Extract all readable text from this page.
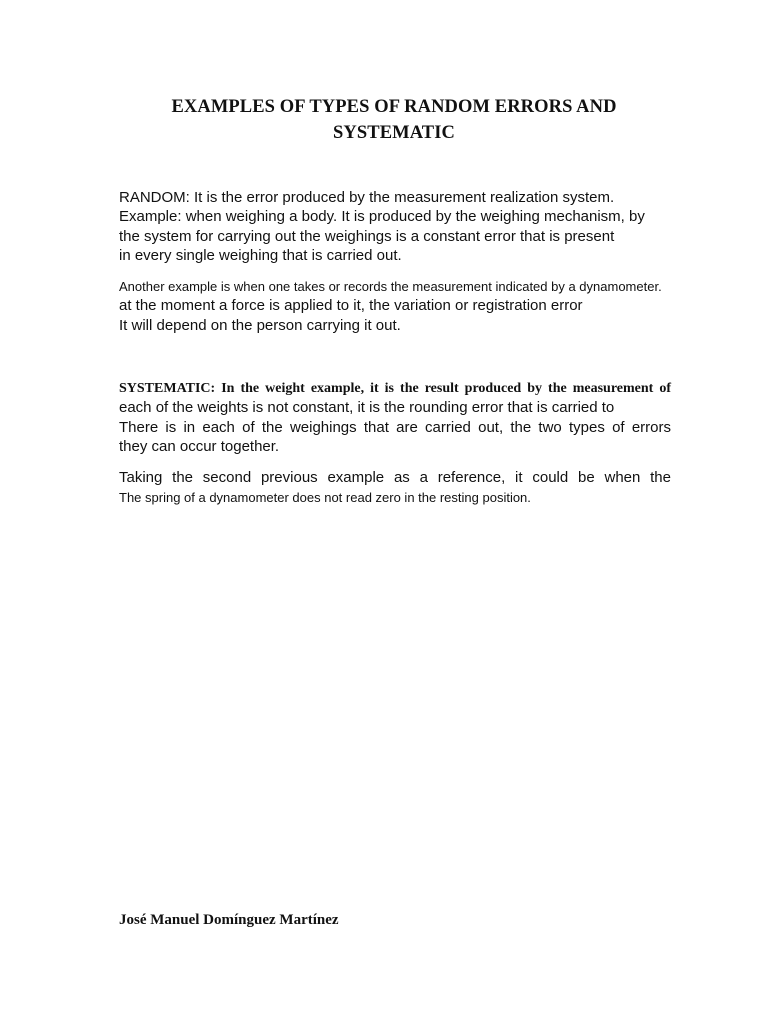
EXAMPLES OF TYPES OF RANDOM ERRORS AND
SYSTEMATIC

RANDOM: It is the error produced by the measurement realization system.

Example: when weighing a body. It is produced by the weighing mechanism, by

the system for carrying out the weighings is a constant error that is present

in every single weighing that is carried out.

Another example is when one takes or records the measurement indicated by a dynamometer.

at the moment a force is applied to it, the variation or registration error

It will depend on the person carrying it out.

SYSTEMATIC: In the weight example, it is the result produced by the measurement of

each of the weights is not constant, it is the rounding error that is carried to

There is in each of the weighings that are carried out, the two types of errors

they can occur together.

Taking the second previous example as a reference, it could be when the

The spring of a dynamometer does not read zero in the resting position.

José Manuel Domínguez Martínez
